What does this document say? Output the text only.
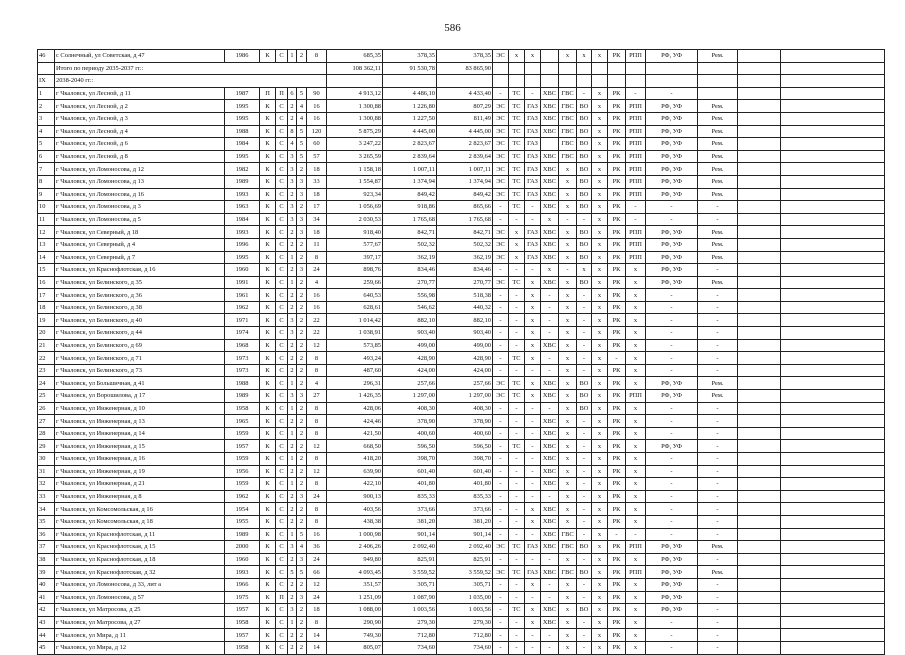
586
46	с Солнечный, ул Советская, д 47	1986	К	С	1	2	8	685,35	378,35	378,35	ЭС	х	х		х	х	х	РК	РПП	РФ, УФ	Рем.		
	Итого по периоду 2035-2037 гг.:							108 362,11	91 530,78	83 865,90													
IX	2038-2040 гг.:																						
1	г Чкаловск, ул Лесной, д 11	1987	П	П	6	5	90	4 913,12	4 486,10	4 433,40	-	ТС	-	ХВС	ГВС	-	х	РК	-	-			
2	г Чкаловск, ул Лесной, д 2	1995	К	С	2	4	16	1 300,88	1 226,80	807,29	ЭС	ТС	ГАЗ	ХВС	ГВС	ВО	х	РК	РПП	РФ, УФ	Рем.		
3	г Чкаловск, ул Лесной, д 3	1995	К	С	2	4	16	1 300,88	1 227,50	811,49	ЭС	ТС	ГАЗ	ХВС	ГВС	ВО	х	РК	РПП	РФ, УФ	Рем.		
4	г Чкаловск, ул Лесной, д 4	1988	К	С	8	5	120	5 875,29	4 445,00	4 445,00	ЭС	ТС	ГАЗ	ХВС	ГВС	ВО	х	РК	РПП	РФ, УФ	Рем.		
5	г Чкаловск, ул Лесной, д 6	1984	К	С	4	5	60	3 247,22	2 823,67	2 823,67	ЭС	ТС	ГАЗ		ГВС	ВО	х	РК	РПП	РФ, УФ	Рем.		
6	г Чкаловск, ул Лесной, д 8	1995	К	С	3	5	57	3 265,59	2 839,64	2 839,64	ЭС	ТС	ГАЗ	ХВС	ГВС	ВО	х	РК	РПП	РФ, УФ	Рем.		
7	г Чкаловск, ул Ломоносова, д 12	1982	К	С	3	2	18	1 158,18	1 007,11	1 007,11	ЭС	ТС	ГАЗ	ХВС	х	ВО	х	РК	РПП	РФ, УФ	Рем.		
8	г Чкаловск, ул Ломоносова, д 13	1989	К	С	3	3	33	1 554,87	1 374,94	1 374,94	ЭС	ТС	ГАЗ	ХВС	х	ВО	х	РК	РПП	РФ, УФ	Рем.		
9	г Чкаловск, ул Ломоносова, д 16	1993	К	С	2	3	18	923,34	849,42	849,42	ЭС	ТС	ГАЗ	ХВС	х	ВО	х	РК	РПП	РФ, УФ	Рем.		
10	г Чкаловск, ул Ломоносова, д 3	1963	К	С	3	2	17	1 056,69	918,86	865,66	-	ТС	-	ХВС	х	ВО	х	РК	-	-	-		
11	г Чкаловск, ул Ломоносова, д 5	1984	К	С	3	3	34	2 030,53	1 765,68	1 765,68	-	-	-	х	-	-	х	РК	-	-	-		
12	г Чкаловск, ул Северный, д 18	1993	К	С	2	3	18	918,40	842,71	842,71	ЭС	х	ГАЗ	ХВС	х	ВО	х	РК	РПП	РФ, УФ	Рем.		
13	г Чкаловск, ул Северный, д 4	1996	К	С	2	2	11	577,67	502,32	502,32	ЭС	х	ГАЗ	ХВС	х	ВО	х	РК	РПП	РФ, УФ	Рем.		
14	г Чкаловск, ул Северный, д 7	1995	К	С	1	2	8	397,17	362,19	362,19	ЭС	х	ГАЗ	ХВС	х	ВО	х	РК	РПП	РФ, УФ	Рем.		
15	г Чкаловск, ул Краснофлотская, д 16	1960	К	С	2	3	24	898,76	834,46	834,46	-	-	-	х	-	х	х	РК	х	РФ, УФ	-		
16	г Чкаловск, ул Белинского, д 35	1991	К	С	1	2	4	259,66	270,77	270,77	ЭС	ТС	х	ХВС	х	ВО	х	РК	х	РФ, УФ	Рем.		
17	г Чкаловск, ул Белинского, д 36	1961	К	С	2	2	16	640,53	556,98	518,38	-	-	х	-	х	-	х	РК	х	-	-		
18	г Чкаловск, ул Белинского, д 38	1962	К	С	2	2	16	628,61	546,62	440,32	-	-	х	-	х	-	х	РК	х	-	-		
19	г Чкаловск, ул Белинского, д 40	1971	К	С	3	2	22	1 014,42	882,10	882,10	-	-	х	-	х	-	х	РК	х	-	-		
20	г Чкаловск, ул Белинского, д 44	1974	К	С	3	2	22	1 038,91	903,40	903,40	-	-	х	-	х	-	х	РК	х	-	-		
21	г Чкаловск, ул Белинского, д 69	1968	К	С	2	2	12	573,85	499,00	499,00	-	-	х	ХВС	х	-	х	РК	х	-	-		
22	г Чкаловск, ул Белинского, д 71	1973	К	С	2	2	8	493,24	428,90	428,90	-	ТС	х	-	х	-	х	-	х	-	-		
23	г Чкаловск, ул Белинского, д 73	1973	К	С	2	2	8	487,60	424,00	424,00	-	-	-	-	х	-	х	РК	х	-	-		
24	г Чкаловск, ул Большичная, д 41	1988	К	С	1	2	4	296,31	257,66	257,66	ЭС	ТС	х	ХВС	х	ВО	х	РК	х	РФ, УФ	Рем.		
25	г Чкаловск, ул Ворошилова, д 17	1989	К	С	3	3	27	1 426,35	1 297,00	1 297,00	ЭС	ТС	х	ХВС	х	ВО	х	РК	РПП	РФ, УФ	Рем.		
26	г Чкаловск, ул Инженерная, д 10	1958	К	С	1	2	8	428,06	408,30	408,30	-	-	-	-	х	ВО	х	РК	х	-	-		
27	г Чкаловск, ул Инженерная, д 13	1965	К	С	2	2	8	424,46	378,90	378,90	-	-	-	ХВС	х	-	х	РК	х	-	-		
28	г Чкаловск, ул Инженерная, д 14	1959	К	С	1	2	8	421,50	400,60	400,60	-	-	-	ХВС	х	-	х	РК	х	-	-		
29	г Чкаловск, ул Инженерная, д 15	1957	К	С	2	2	12	668,50	596,50	596,50	-	ТС	-	ХВС	х	-	х	РК	х	РФ, УФ	-		
30	г Чкаловск, ул Инженерная, д 16	1959	К	С	1	2	8	418,20	398,70	398,70	-	-	-	ХВС	х	-	х	РК	х	-	-		
31	г Чкаловск, ул Инженерная, д 19	1956	К	С	2	2	12	639,90	601,40	601,40	-	-	-	ХВС	х	-	х	РК	х	-	-		
32	г Чкаловск, ул Инженерная, д 21	1959	К	С	1	2	8	422,10	401,80	401,80	-	-	-	ХВС	х	-	х	РК	х	-	-		
33	г Чкаловск, ул Инженерная, д 8	1962	К	С	2	3	24	900,13	835,33	835,33	-	-	-	-	х	-	х	РК	х	-	-		
34	г Чкаловск, ул Комсомольская, д 16	1954	К	С	2	2	8	403,56	373,66	373,66	-	-	х	ХВС	х	-	х	РК	х	-	-		
35	г Чкаловск, ул Комсомольская, д 18	1955	К	С	2	2	8	438,38	381,20	381,20	-	-	х	ХВС	х	-	х	РК	х	-	-		
36	г Чкаловск, ул Краснофлотская, д 11	1989	К	С	1	5	16	1 000,98	901,14	901,14	-	-	-	ХВС	ГВС	-	х	-	-	-	-		
37	г Чкаловск, ул Краснофлотская, д 15	2000	К	С	3	4	36	2 406,26	2 092,40	2 092,40	ЭС	ТС	ГАЗ	ХВС	ГВС	ВО	х	РК	РПП	РФ, УФ	Рем.		
38	г Чкаловск, ул Краснофлотская, д 18	1960	К	С	2	3	24	949,80	825,91	825,91	-	-	-	-	х	-	х	РК	х	РФ, УФ	-		
39	г Чкаловск, ул Краснофлотская, д 32	1993	К	С	5	5	66	4 093,45	3 559,52	3 559,52	ЭС	ТС	ГАЗ	ХВС	ГВС	ВО	х	РК	РПП	РФ, УФ	Рем.		
40	г Чкаловск, ул Ломоносова, д 33, лит а	1966	К	С	2	2	12	351,57	305,71	305,71	-	-	х	-	х	-	х	РК	х	РФ, УФ	-		
41	г Чкаловск, ул Ломоносова, д 57	1975	К	П	2	3	24	1 251,09	1 087,90	1 035,00	-	-	-	-	х	-	х	РК	х	РФ, УФ	-		
42	г Чкаловск, ул Матросова, д 25	1957	К	С	3	2	18	1 088,00	1 003,56	1 003,56	-	ТС	х	ХВС	х	ВО	х	РК	х	РФ, УФ	-		
43	г Чкаловск, ул Матросова, д 27	1958	К	С	1	2	8	290,90	279,30	279,30	-	-	х	ХВС	х	-	х	РК	х	-	-		
44	г Чкаловск, ул Мира, д 11	1957	К	С	2	2	14	749,30	712,80	712,80	-	-	-	-	х	-	х	РК	х	-	-		
45	г Чкаловск, ул Мира, д 12	1958	К	С	2	2	14	805,07	734,60	734,60	-	-	-	-	х	-	х	РК	х	-	-		
